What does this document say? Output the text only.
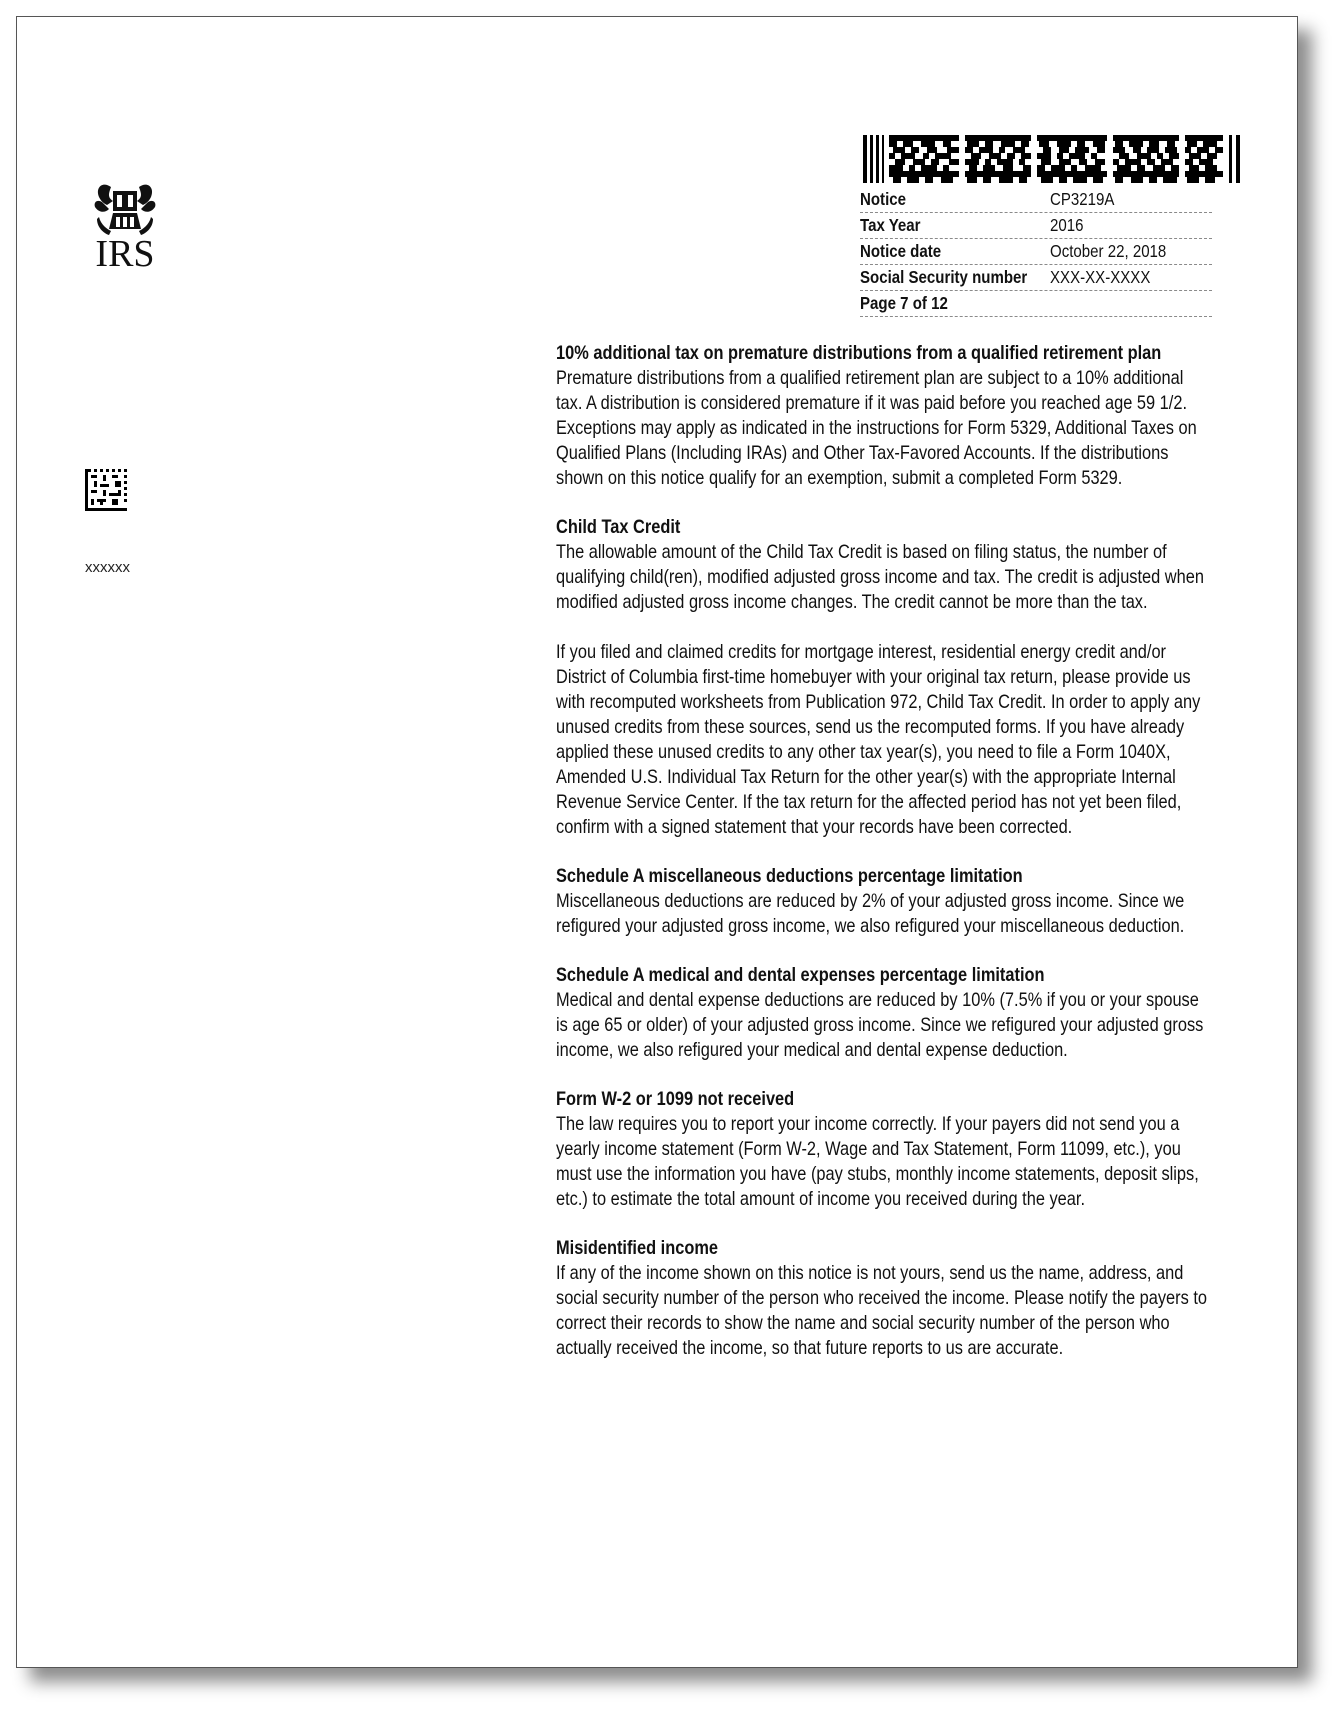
IRS
xxxxxx
Notice	CP3219A
Tax Year	2016
Notice date	October 22, 2018
Social Security number XXX-XX-XXXX
Page 7 of 12
10% additional tax on premature distributions from a qualified retirement plan
Premature distributions from a qualified retirement plan are subject to a 10% additional tax. A distribution is considered premature if it was paid before you reached age 59 1/2. Exceptions may apply as indicated in the instructions for Form 5329, Additional Taxes on Qualified Plans (Including IRAs) and Other Tax-Favored Accounts. If the distributions shown on this notice qualify for an exemption, submit a completed Form 5329.
Child Tax Credit
The allowable amount of the Child Tax Credit is based on filing status, the number of qualifying child(ren), modified adjusted gross income and tax. The credit is adjusted when modified adjusted gross income changes. The credit cannot be more than the tax.
If you filed and claimed credits for mortgage interest, residential energy credit and/or District of Columbia first-time homebuyer with your original tax return, please provide us with recomputed worksheets from Publication 972, Child Tax Credit. In order to apply any unused credits from these sources, send us the recomputed forms. If you have already applied these unused credits to any other tax year(s), you need to file a Form 1040X, Amended U.S. Individual Tax Return for the other year(s) with the appropriate Internal Revenue Service Center. If the tax return for the affected period has not yet been filed, confirm with a signed statement that your records have been corrected.
Schedule A miscellaneous deductions percentage limitation
Miscellaneous deductions are reduced by 2% of your adjusted gross income. Since we refigured your adjusted gross income, we also refigured your miscellaneous deduction.
Schedule A medical and dental expenses percentage limitation
Medical and dental expense deductions are reduced by 10% (7.5% if you or your spouse is age 65 or older) of your adjusted gross income. Since we refigured your adjusted gross income, we also refigured your medical and dental expense deduction.
Form W-2 or 1099 not received
The law requires you to report your income correctly. If your payers did not send you a yearly income statement (Form W-2, Wage and Tax Statement, Form 11099, etc.), you must use the information you have (pay stubs, monthly income statements, deposit slips, etc.) to estimate the total amount of income you received during the year.
Misidentified income
If any of the income shown on this notice is not yours, send us the name, address, and social security number of the person who received the income. Please notify the payers to correct their records to show the name and social security number of the person who actually received the income, so that future reports to us are accurate.
